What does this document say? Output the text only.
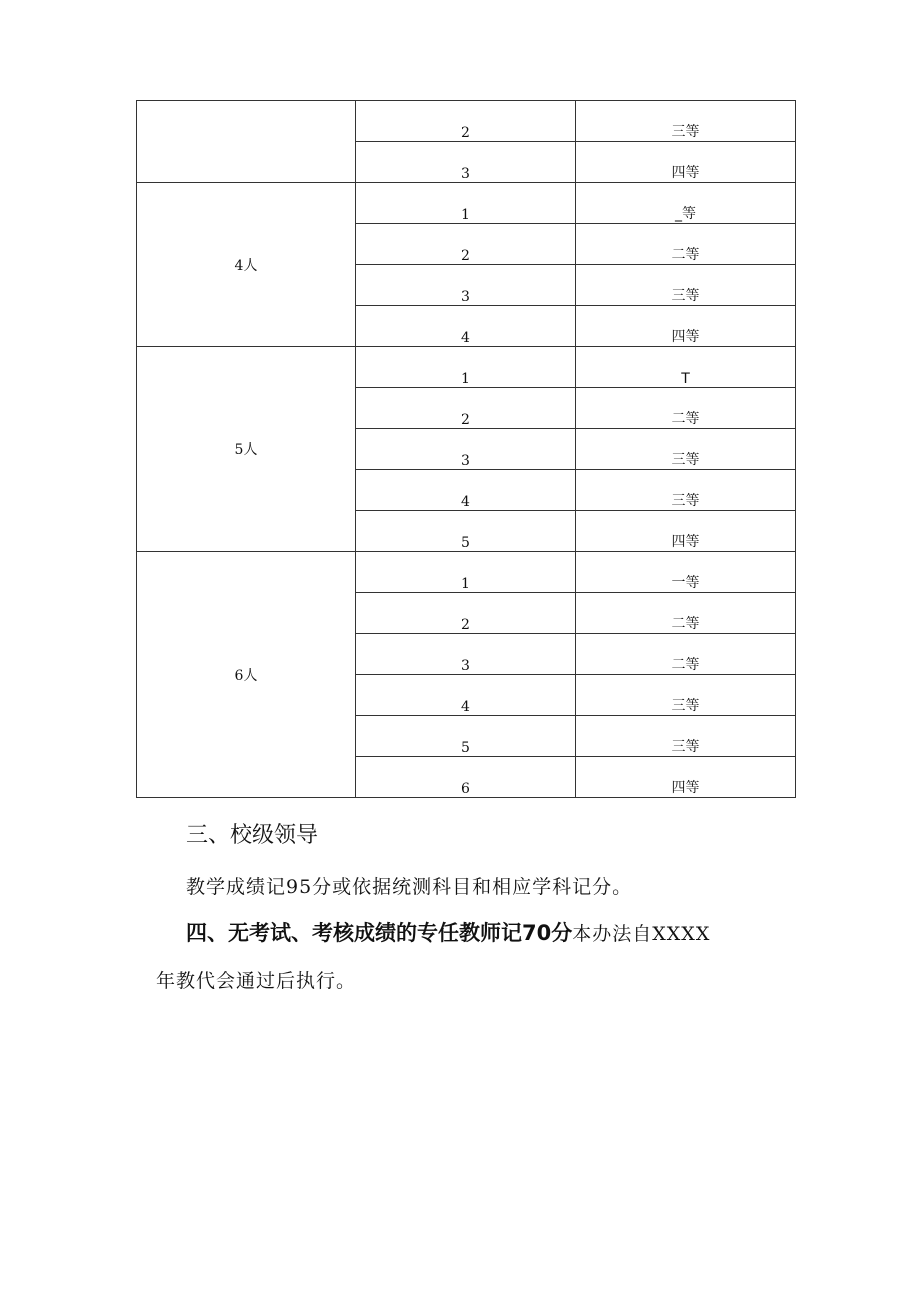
	2	三等
	3	四等
4人	1	_等
	2	二等
	3	三等
	4	四等
5人	1	T
	2	二等
	3	三等
	4	三等
	5	四等
6人	1	一等
	2	二等
	3	二等
	4	三等
	5	三等
	6	四等

三、校级领导

教学成绩记95分或依据统测科目和相应学科记分。

四、无考试、考核成绩的专任教师记70分本办法自XXXX

年教代会通过后执行。
